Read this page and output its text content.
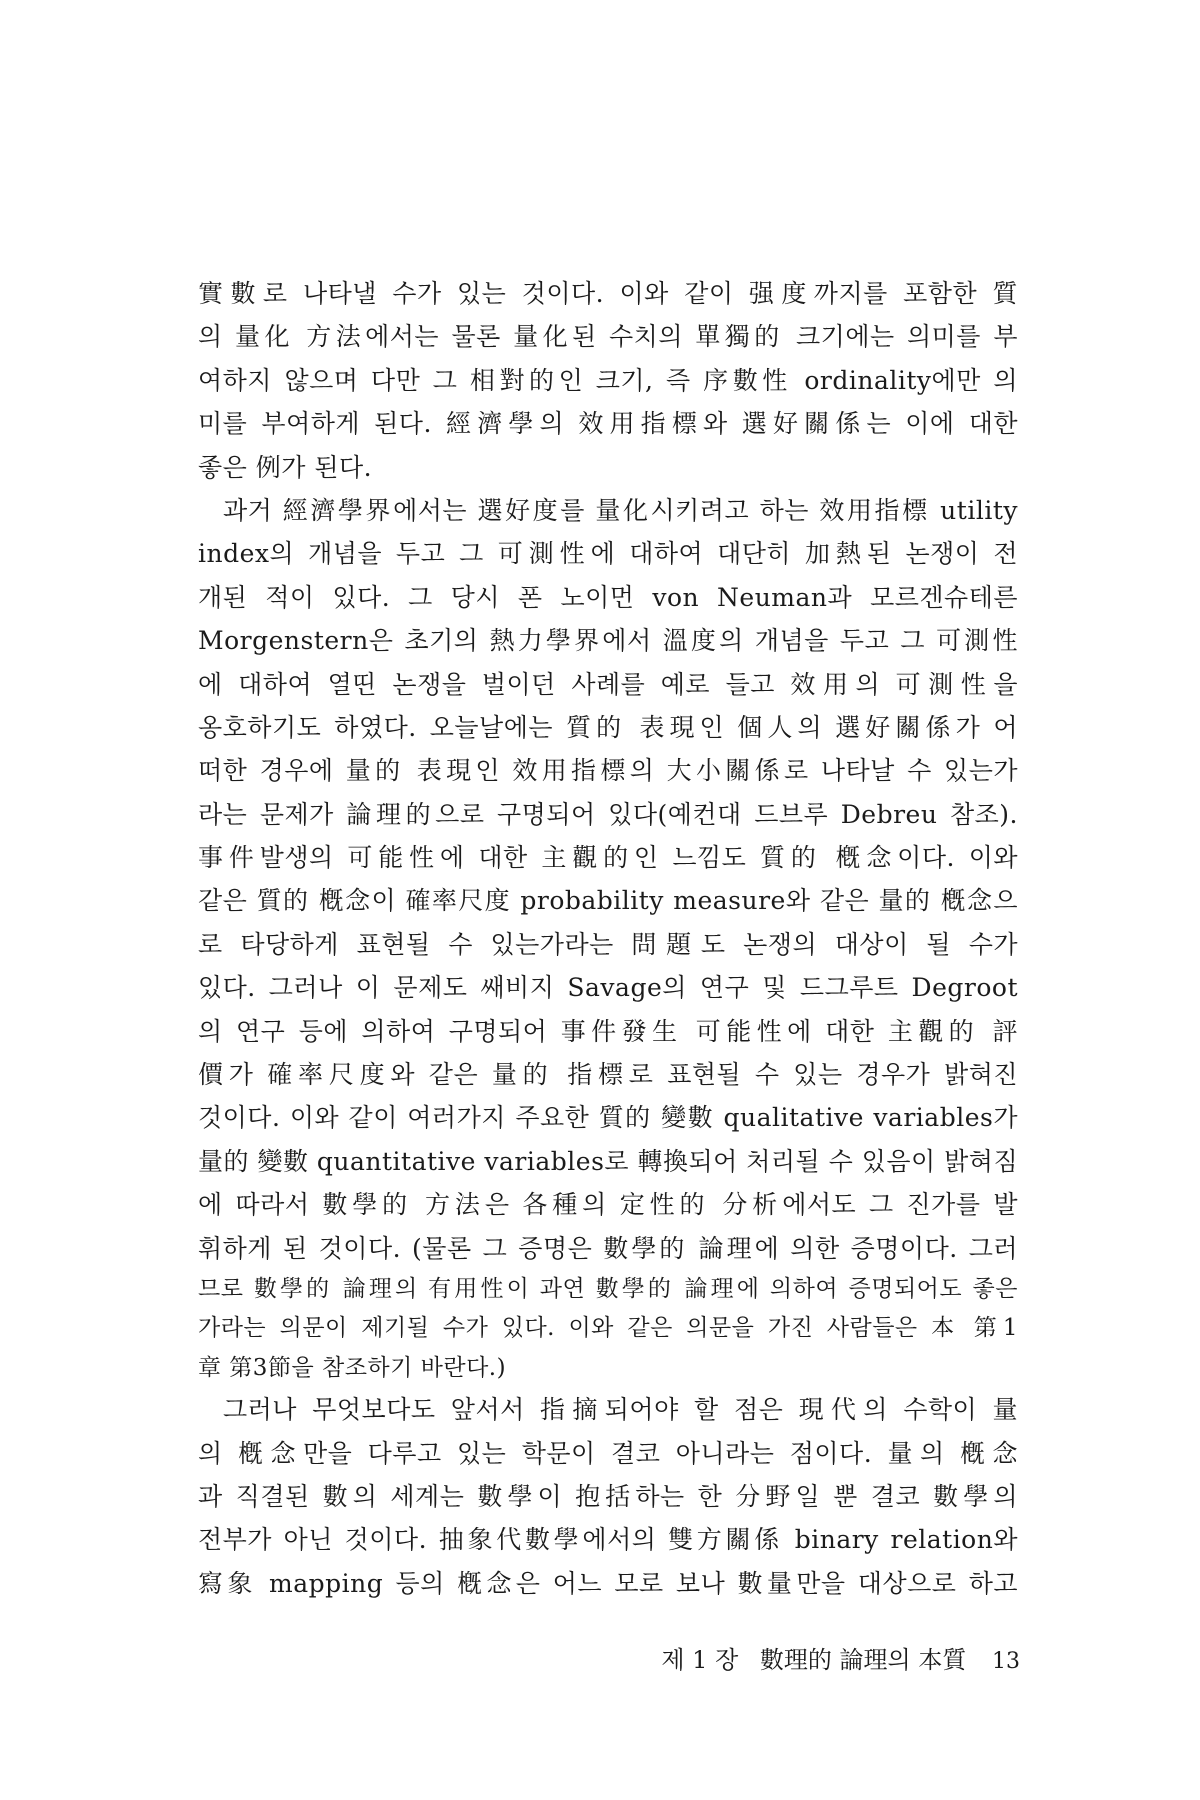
實數로 나타낼 수가 있는 것이다. 이와 같이 强度까지를 포함한 質
의 量化 方法에서는 물론 量化된 수치의 單獨的 크기에는 의미를 부
여하지 않으며 다만 그 相對的인 크기, 즉 序數性 ordinality에만 의
미를 부여하게 된다. 經濟學의 效用指標와 選好關係는 이에 대한
좋은 例가 된다.
과거 經濟學界에서는 選好度를 量化시키려고 하는 效用指標 utility
index의 개념을 두고 그 可測性에 대하여 대단히 加熱된 논쟁이 전
개된 적이 있다. 그 당시 폰 노이먼 von Neuman과 모르겐슈테른
Morgenstern은 초기의 熱力學界에서 溫度의 개념을 두고 그 可測性
에 대하여 열띤 논쟁을 벌이던 사례를 예로 들고 效用의 可測性을
옹호하기도 하였다. 오늘날에는 質的 表現인 個人의 選好關係가 어
떠한 경우에 量的 表現인 效用指標의 大小關係로 나타날 수 있는가
라는 문제가 論理的으로 구명되어 있다(예컨대 드브루 Debreu 참조).
事件발생의 可能性에 대한 主觀的인 느낌도 質的 槪念이다. 이와
같은 質的 槪念이 確率尺度 probability measure와 같은 量的 槪念으
로 타당하게 표현될 수 있는가라는 問題도 논쟁의 대상이 될 수가
있다. 그러나 이 문제도 쌔비지 Savage의 연구 및 드그루트 Degroot
의 연구 등에 의하여 구명되어 事件發生 可能性에 대한 主觀的 評
價가 確率尺度와 같은 量的 指標로 표현될 수 있는 경우가 밝혀진
것이다. 이와 같이 여러가지 주요한 質的 變數 qualitative variables가
量的 變數 quantitative variables로 轉換되어 처리될 수 있음이 밝혀짐
에 따라서 數學的 方法은 各種의 定性的 分析에서도 그 진가를 발
휘하게 된 것이다. (물론 그 증명은 數學的 論理에 의한 증명이다. 그러
므로 數學的 論理의 有用性이 과연 數學的 論理에 의하여 증명되어도 좋은
가라는 의문이 제기될 수가 있다. 이와 같은 의문을 가진 사람들은 本 第1
章 第3節을 참조하기 바란다.)
그러나 무엇보다도 앞서서 指摘되어야 할 점은 現代의 수학이 量
의 槪念만을 다루고 있는 학문이 결코 아니라는 점이다. 量의 槪念
과 직결된 數의 세계는 數學이 抱括하는 한 分野일 뿐 결코 數學의
전부가 아닌 것이다. 抽象代數學에서의 雙方關係 binary relation와
寫象 mapping 등의 槪念은 어느 모로 보나 數量만을 대상으로 하고
제 1 장 數理的 論理의 本質 13
